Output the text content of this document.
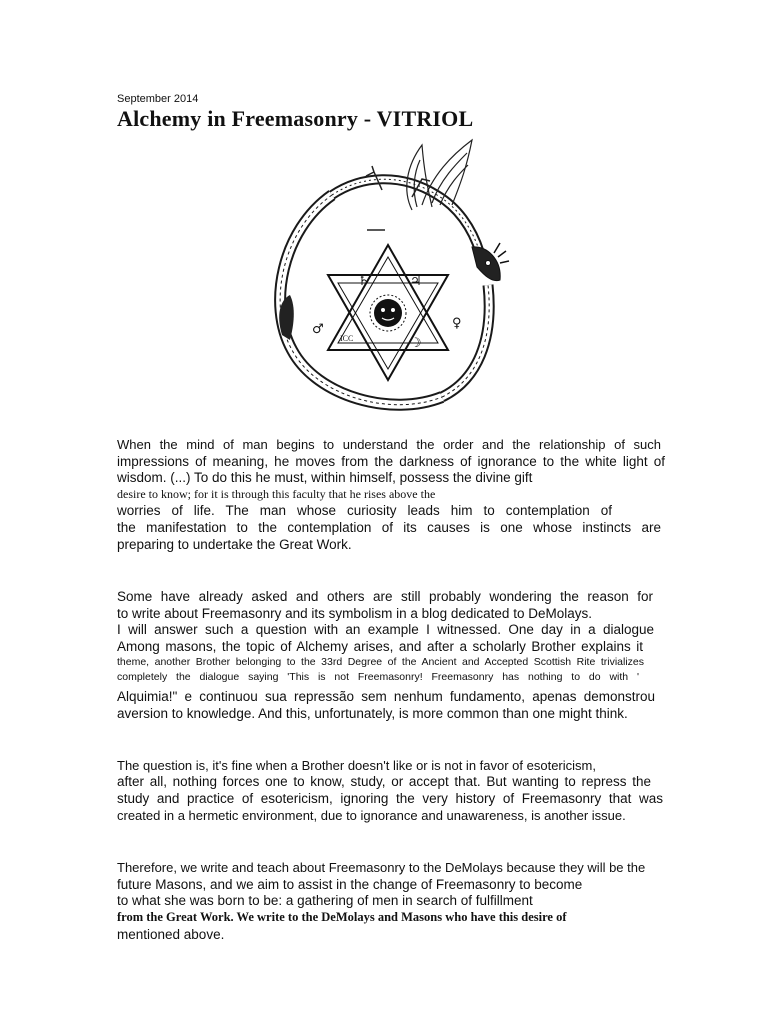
September 2014
Alchemy in Freemasonry - VITRIOL
♄	♃
♂	♀
☽
ICC
When the mind of man begins to understand the order and the relationship of such
impressions of meaning, he moves from the darkness of ignorance to the white light of
wisdom. (...) To do this he must, within himself, possess the divine gift
desire to know; for it is through this faculty that he rises above the
worries of life. The man whose curiosity leads him to contemplation of
the manifestation to the contemplation of its causes is one whose instincts are
preparing to undertake the Great Work.
Some have already asked and others are still probably wondering the reason for
to write about Freemasonry and its symbolism in a blog dedicated to DeMolays.
I will answer such a question with an example I witnessed. One day in a dialogue
Among masons, the topic of Alchemy arises, and after a scholarly Brother explains it
theme, another Brother belonging to the 33rd Degree of the Ancient and Accepted Scottish Rite trivializes
completely the dialogue saying 'This is not Freemasonry! Freemasonry has nothing to do with '
Alquimia!" e continuou sua repressão sem nenhum fundamento, apenas demonstrou
aversion to knowledge. And this, unfortunately, is more common than one might think.
The question is, it's fine when a Brother doesn't like or is not in favor of esotericism,
after all, nothing forces one to know, study, or accept that. But wanting to repress the
study and practice of esotericism, ignoring the very history of Freemasonry that was
created in a hermetic environment, due to ignorance and unawareness, is another issue.
Therefore, we write and teach about Freemasonry to the DeMolays because they will be the
future Masons, and we aim to assist in the change of Freemasonry to become
to what she was born to be: a gathering of men in search of fulfillment
from the Great Work. We write to the DeMolays and Masons who have this desire of
mentioned above.
